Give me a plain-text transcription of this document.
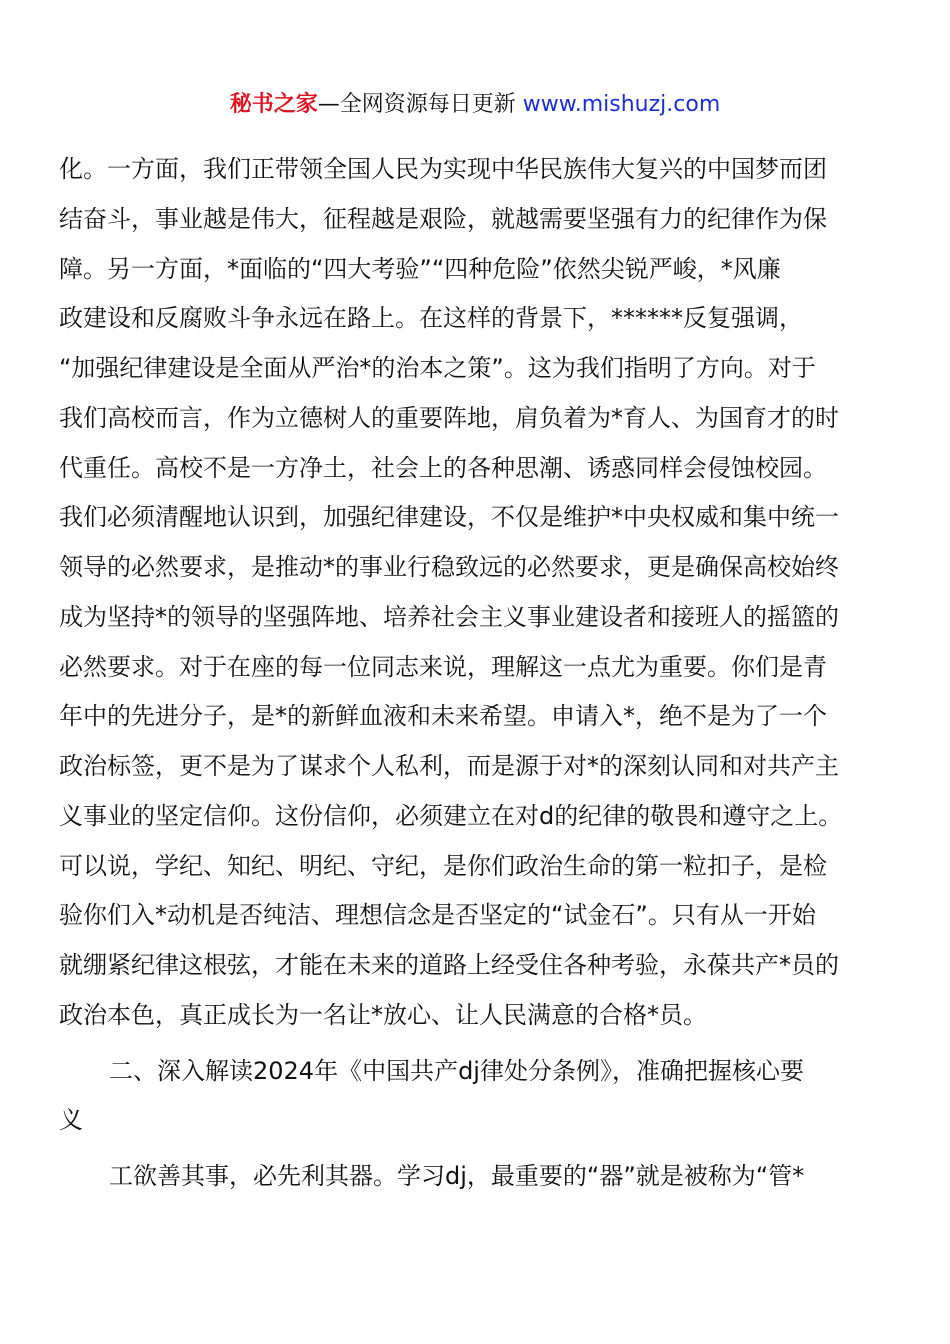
秘书之家—全网资源每日更新 www.mishuzj.com
化。一方面，我们正带领全国人民为实现中华民族伟大复兴的中国梦而团
结奋斗，事业越是伟大，征程越是艰险，就越需要坚强有力的纪律作为保
障。另一方面，*面临的“四大考验”“四种危险”依然尖锐严峻，*风廉
政建设和反腐败斗争永远在路上。在这样的背景下，******反复强调，
“加强纪律建设是全面从严治*的治本之策”。这为我们指明了方向。对于
我们高校而言，作为立德树人的重要阵地，肩负着为*育人、为国育才的时
代重任。高校不是一方净土，社会上的各种思潮、诱惑同样会侵蚀校园。
我们必须清醒地认识到，加强纪律建设，不仅是维护*中央权威和集中统一
领导的必然要求，是推动*的事业行稳致远的必然要求，更是确保高校始终
成为坚持*的领导的坚强阵地、培养社会主义事业建设者和接班人的摇篮的
必然要求。对于在座的每一位同志来说，理解这一点尤为重要。你们是青
年中的先进分子，是*的新鲜血液和未来希望。申请入*，绝不是为了一个
政治标签，更不是为了谋求个人私利，而是源于对*的深刻认同和对共产主
义事业的坚定信仰。这份信仰，必须建立在对d的纪律的敬畏和遵守之上。
可以说，学纪、知纪、明纪、守纪，是你们政治生命的第一粒扣子，是检
验你们入*动机是否纯洁、理想信念是否坚定的“试金石”。只有从一开始
就绷紧纪律这根弦，才能在未来的道路上经受住各种考验，永葆共产*员的
政治本色，真正成长为一名让*放心、让人民满意的合格*员。
二、深入解读2024年《中国共产dj律处分条例》，准确把握核心要
义
工欲善其事，必先利其器。学习dj，最重要的“器”就是被称为“管*
